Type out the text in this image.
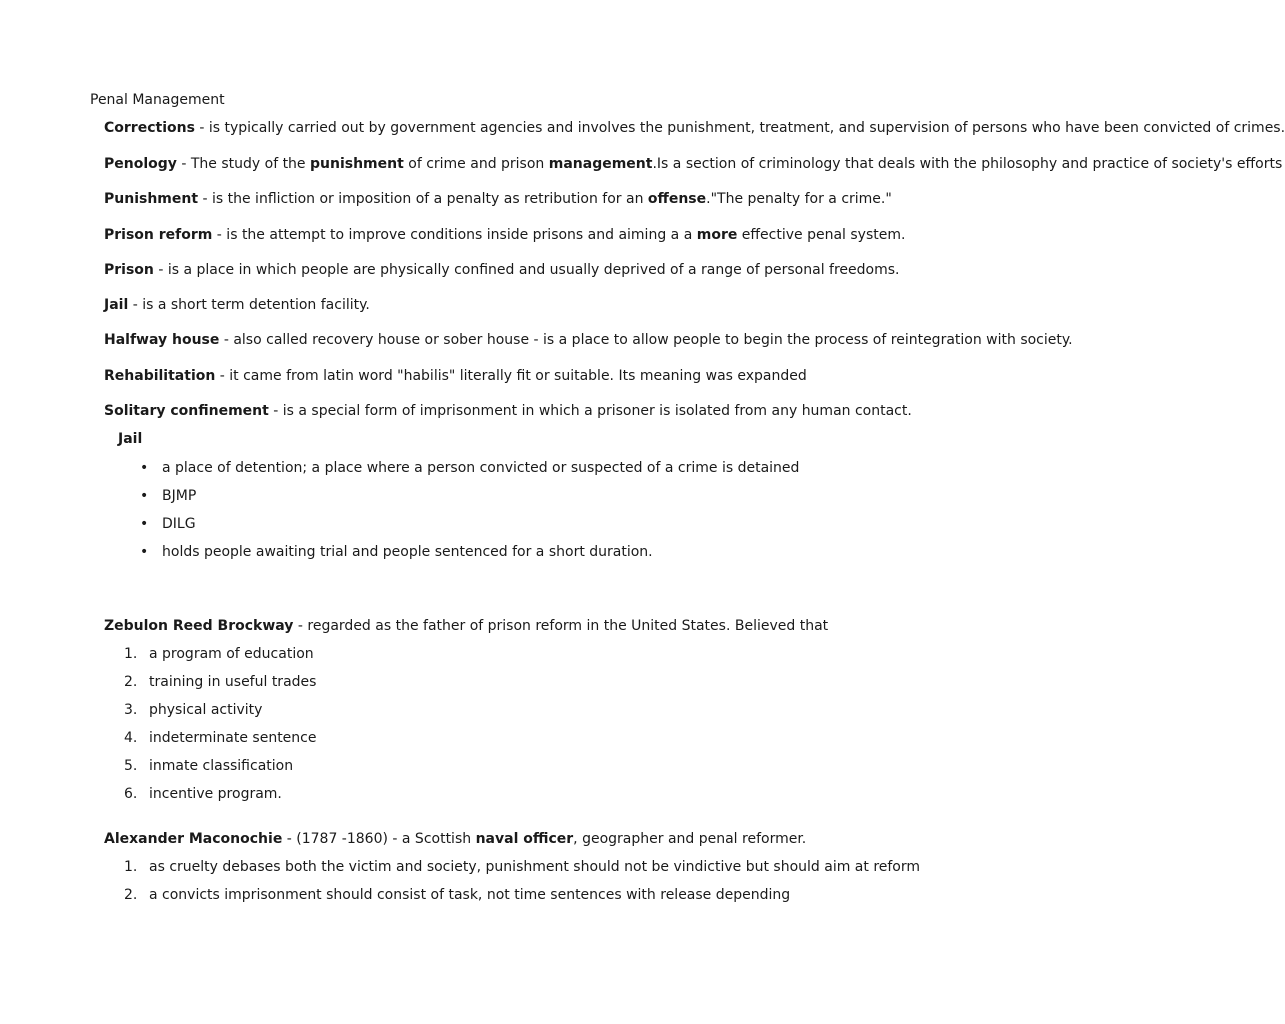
Penal Management
Corrections - is typically carried out by government agencies and involves the punishment, treatment, and supervision of persons who have been convicted of crimes.
Penology - The study of the punishment of crime and prison management.Is a section of criminology that deals with the philosophy and practice of society's efforts
Punishment - is the infliction or imposition of a penalty as retribution for an offense."The penalty for a crime."
Prison reform - is the attempt to improve conditions inside prisons and aiming a a more effective penal system.
Prison - is a place in which people are physically confined and usually deprived of a range of personal freedoms.
Jail - is a short term detention facility.
Halfway house - also called recovery house or sober house - is a place to allow people to begin the process of reintegration with society.
Rehabilitation - it came from latin word "habilis" literally fit or suitable. Its meaning was expanded
Solitary confinement - is a special form of imprisonment in which a prisoner is isolated from any human contact.
Jail
•
a place of detention; a place where a person convicted or suspected of a crime is detained
•
BJMP
•
DILG
•
holds people awaiting trial and people sentenced for a short duration.
Zebulon Reed Brockway - regarded as the father of prison reform in the United States. Believed that
1. a program of education
2. training in useful trades
3. physical activity
4. indeterminate sentence
5. inmate classification
6. incentive program.
Alexander Maconochie - (1787 -1860) - a Scottish naval officer, geographer and penal reformer.
1. as cruelty debases both the victim and society, punishment should not be vindictive but should aim at reform
2. a convicts imprisonment should consist of task, not time sentences with release depending
